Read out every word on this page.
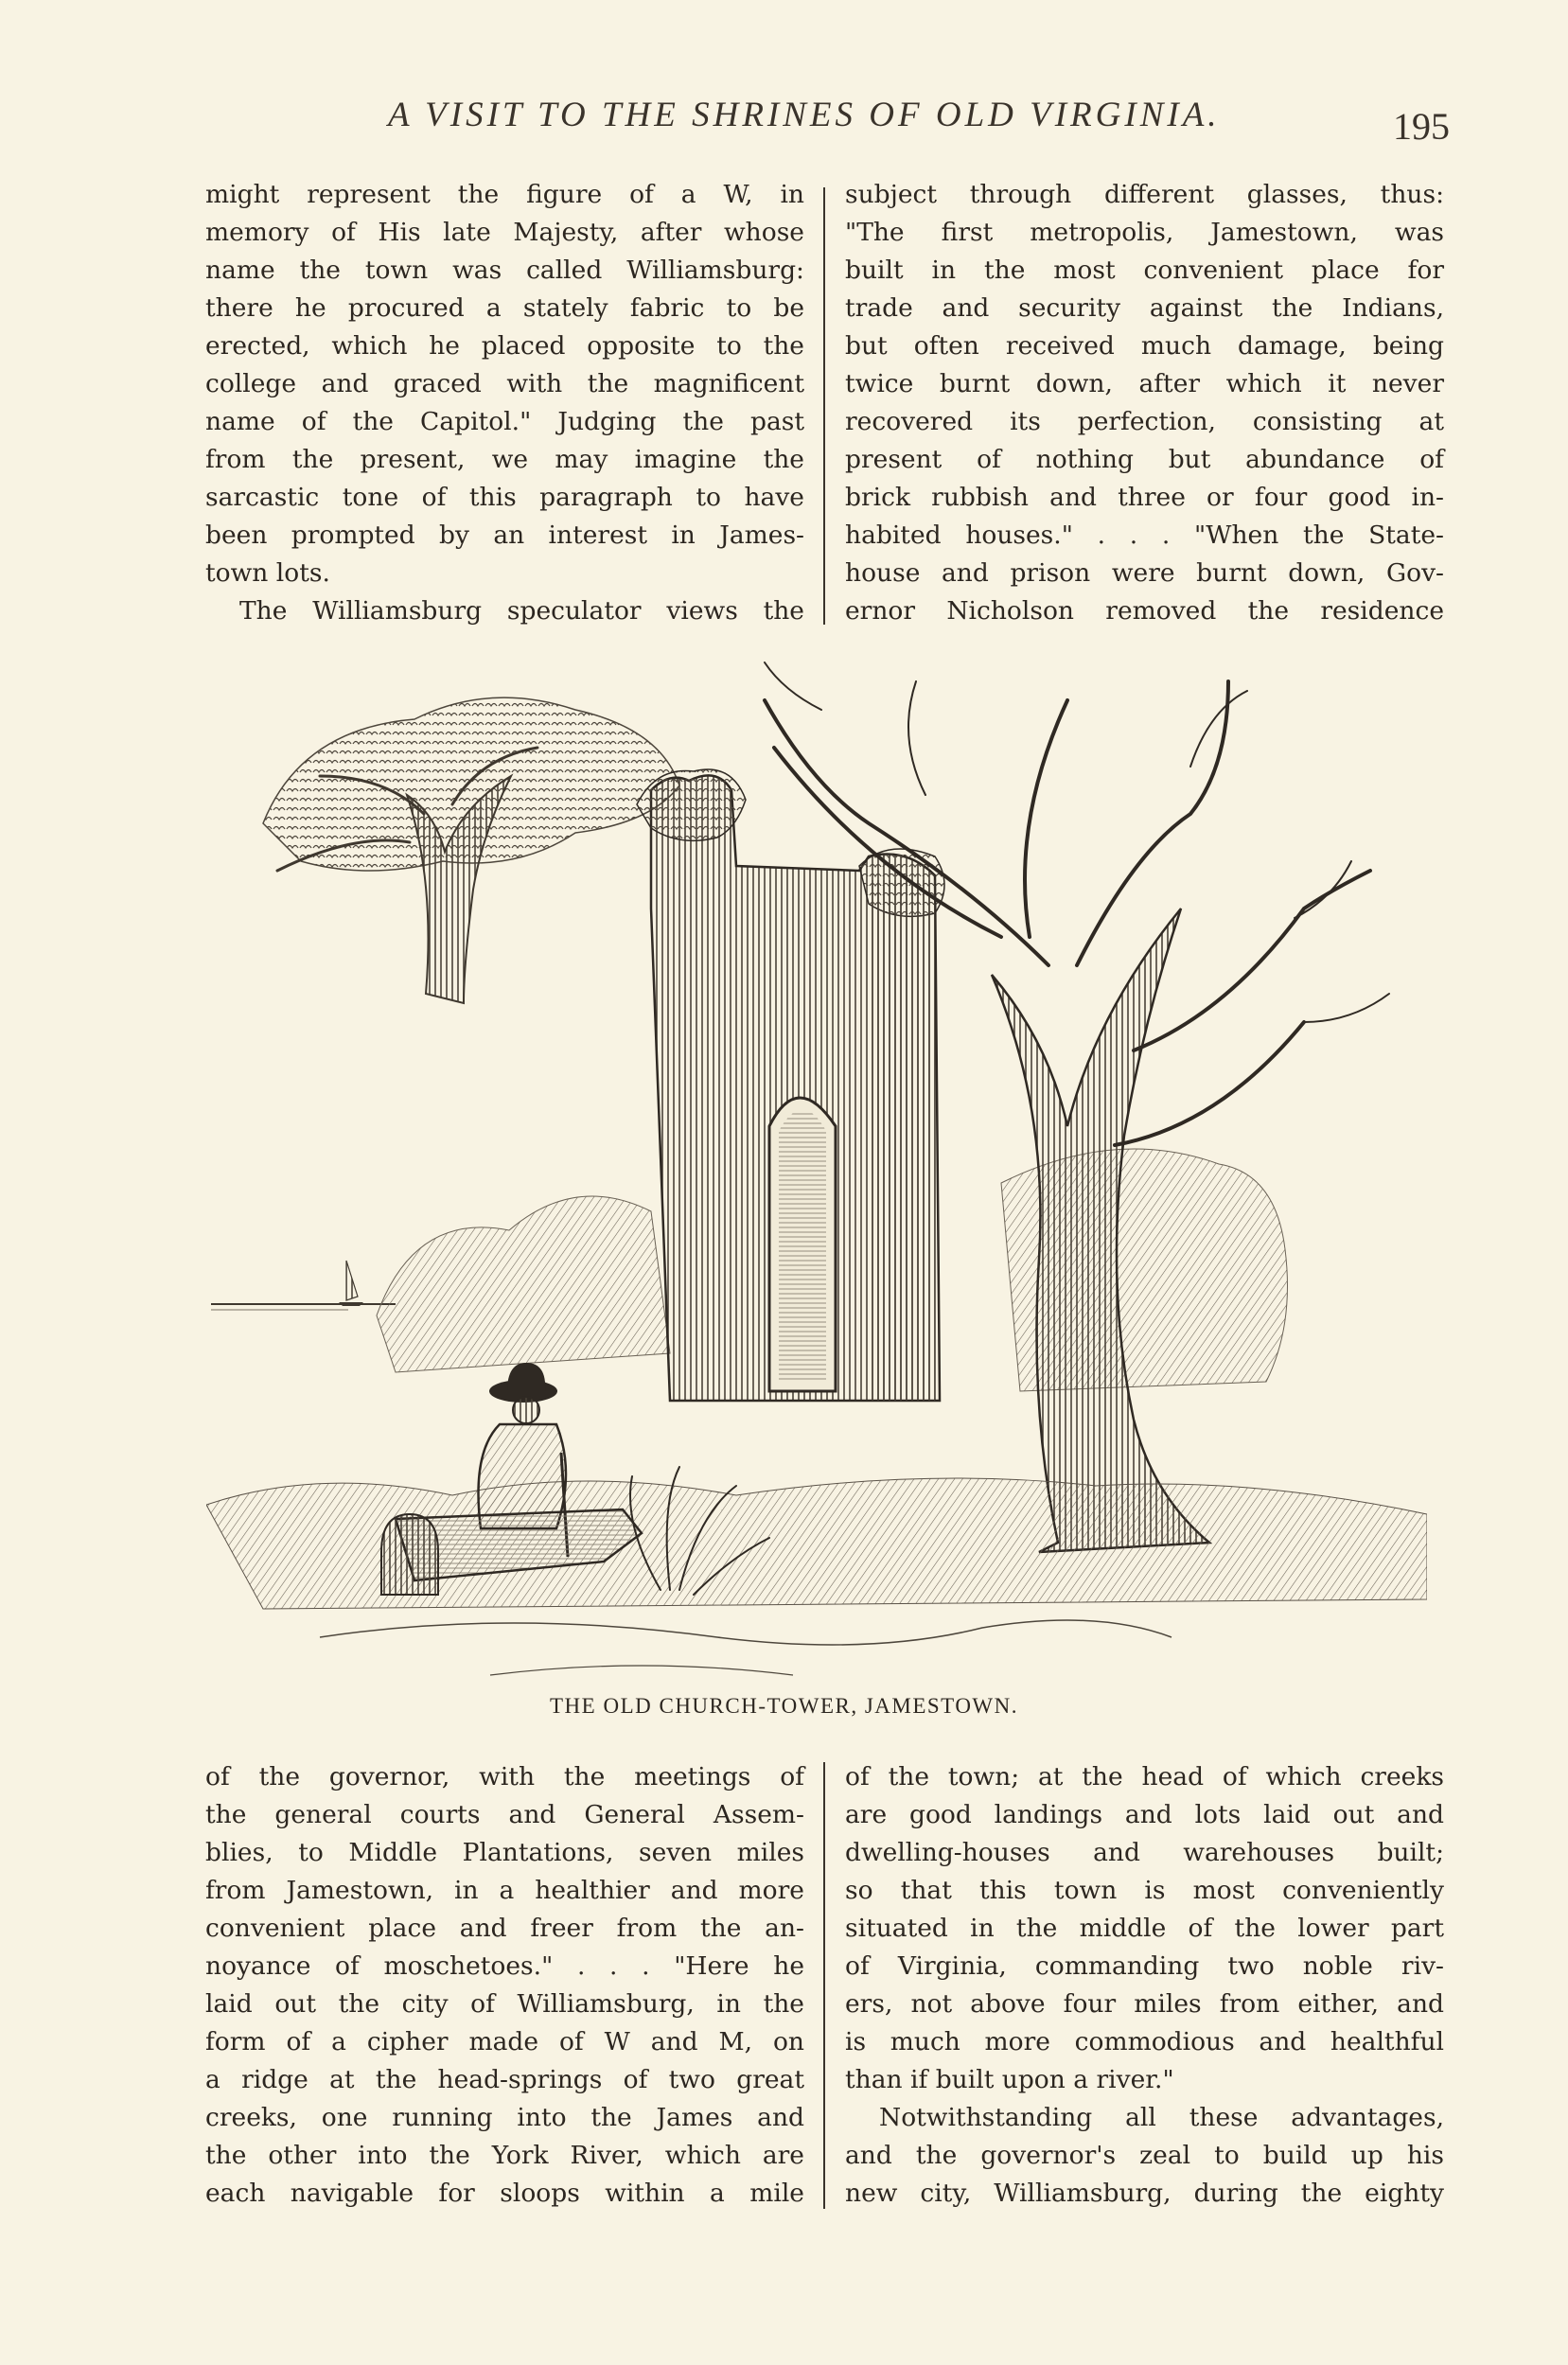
A VISIT TO THE SHRINES OF OLD VIRGINIA.	195
might represent the figure of a W, in
memory of His late Majesty, after whose
name the town was called Williamsburg:
there he procured a stately fabric to be
erected, which he placed opposite to the
college and graced with the magnificent
name of the Capitol." Judging the past
from the present, we may imagine the
sarcastic tone of this paragraph to have
been prompted by an interest in James-
town lots.
The Williamsburg speculator views the
subject through different glasses, thus:
"The first metropolis, Jamestown, was
built in the most convenient place for
trade and security against the Indians,
but often received much damage, being
twice burnt down, after which it never
recovered its perfection, consisting at
present of nothing but abundance of
brick rubbish and three or four good in-
habited houses." . . . "When the State-
house and prison were burnt down, Gov-
ernor Nicholson removed the residence
THE OLD CHURCH-TOWER, JAMESTOWN.
of the governor, with the meetings of
the general courts and General Assem-
blies, to Middle Plantations, seven miles
from Jamestown, in a healthier and more
convenient place and freer from the an-
noyance of moschetoes." . . . "Here he
laid out the city of Williamsburg, in the
form of a cipher made of W and M, on
a ridge at the head-springs of two great
creeks, one running into the James and
the other into the York River, which are
each navigable for sloops within a mile
of the town; at the head of which creeks
are good landings and lots laid out and
dwelling-houses and warehouses built;
so that this town is most conveniently
situated in the middle of the lower part
of Virginia, commanding two noble riv-
ers, not above four miles from either, and
is much more commodious and healthful
than if built upon a river."
Notwithstanding all these advantages,
and the governor's zeal to build up his
new city, Williamsburg, during the eighty
